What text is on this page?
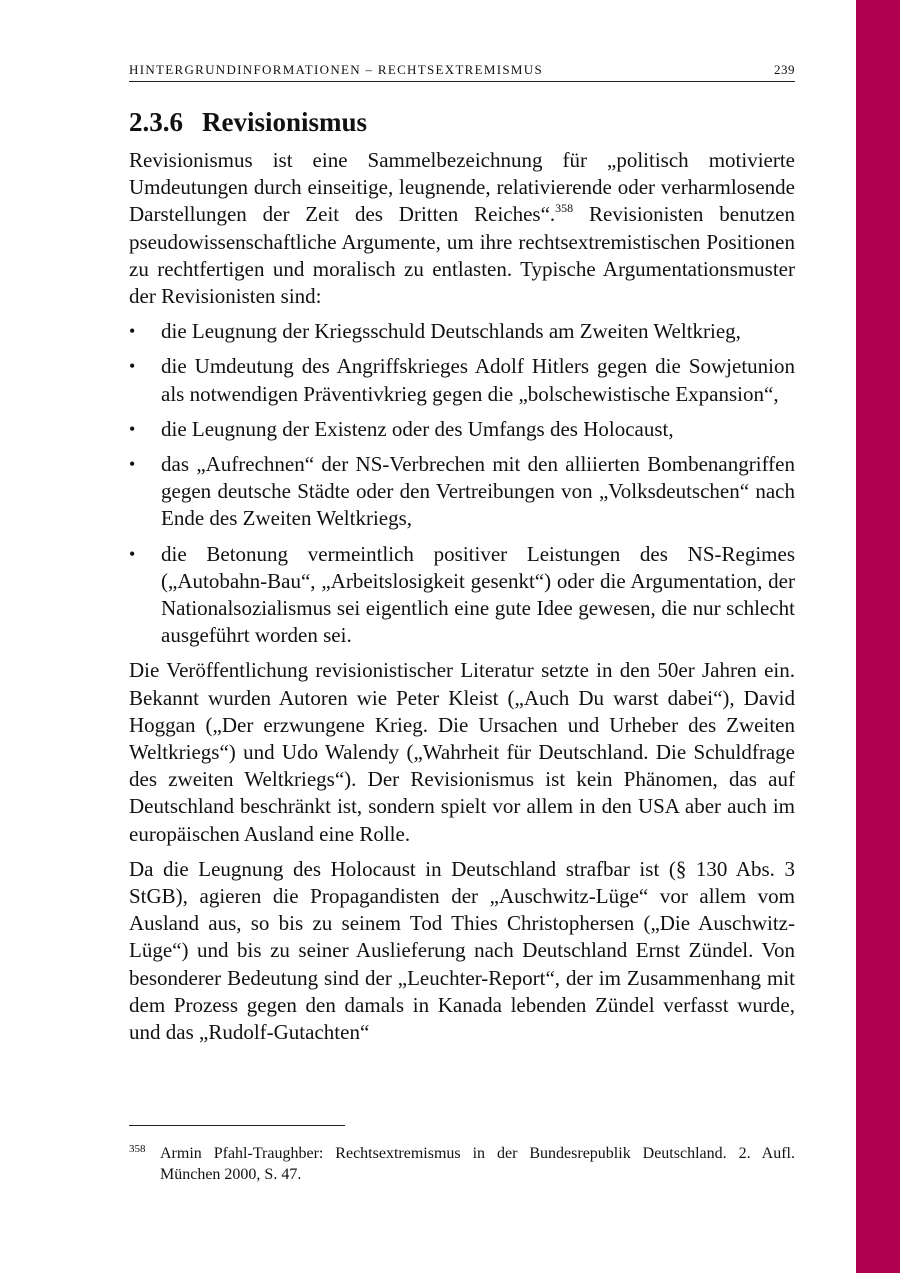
HINTERGRUNDINFORMATIONEN – RECHTSEXTREMISMUS	239
2.3.6 Revisionismus

Revisionismus ist eine Sammelbezeichnung für „politisch motivierte Umdeutungen durch einseitige, leugnende, relativierende oder verharmlosende Darstellungen der Zeit des Dritten Reiches“.$^{358}$ Revisionisten benutzen pseudowissenschaftliche Argumente, um ihre rechtsextremistischen Positionen zu rechtfertigen und moralisch zu entlasten. Typische Argumentationsmuster der Revisionisten sind:

• die Leugnung der Kriegsschuld Deutschlands am Zweiten Weltkrieg,
• die Umdeutung des Angriffskrieges Adolf Hitlers gegen die Sowjetunion als notwendigen Präventivkrieg gegen die „bolschewistische Expansion“,
• die Leugnung der Existenz oder des Umfangs des Holocaust,
• das „Aufrechnen“ der NS-Verbrechen mit den alliierten Bombenangriffen gegen deutsche Städte oder den Vertreibungen von „Volksdeutschen“ nach Ende des Zweiten Weltkriegs,
• die Betonung vermeintlich positiver Leistungen des NS-Regimes („Autobahn-Bau“, „Arbeitslosigkeit gesenkt“) oder die Argumentation, der Nationalsozialismus sei eigentlich eine gute Idee gewesen, die nur schlecht ausgeführt worden sei.

Die Veröffentlichung revisionistischer Literatur setzte in den 50er Jahren ein. Bekannt wurden Autoren wie Peter Kleist („Auch Du warst dabei“), David Hoggan („Der erzwungene Krieg. Die Ursachen und Urheber des Zweiten Weltkriegs“) und Udo Walendy („Wahrheit für Deutschland. Die Schuldfrage des zweiten Weltkriegs“). Der Revisionismus ist kein Phänomen, das auf Deutschland beschränkt ist, sondern spielt vor allem in den USA aber auch im europäischen Ausland eine Rolle.

Da die Leugnung des Holocaust in Deutschland strafbar ist (§ 130 Abs. 3 StGB), agieren die Propagandisten der „Auschwitz-Lüge“ vor allem vom Ausland aus, so bis zu seinem Tod Thies Christophersen („Die Auschwitz-Lüge“) und bis zu seiner Auslieferung nach Deutschland Ernst Zündel. Von besonderer Bedeutung sind der „Leuchter-Report“, der im Zusammenhang mit dem Prozess gegen den damals in Kanada lebenden Zündel verfasst wurde, und das „Rudolf-Gutachten“

358 Armin Pfahl-Traughber: Rechtsextremismus in der Bundesrepublik Deutschland. 2. Aufl. München 2000, S. 47.
